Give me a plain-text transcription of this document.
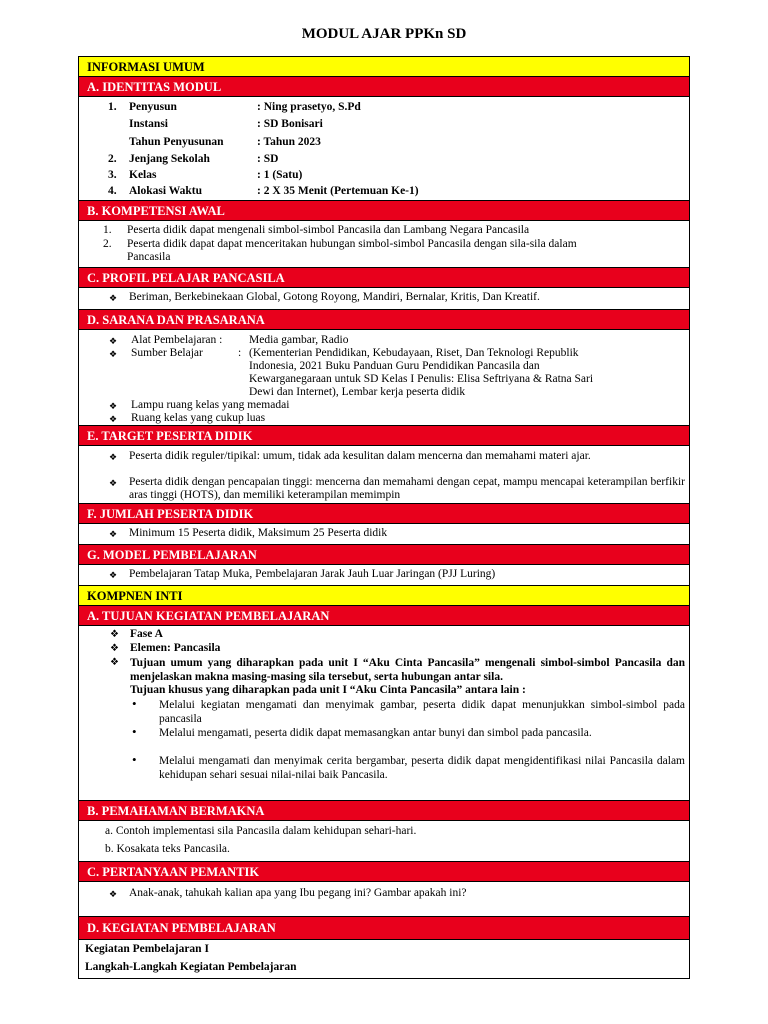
MODUL AJAR PPKn SD
INFORMASI UMUM
A. IDENTITAS MODUL
1. Penyusun	: Ning prasetyo, S.Pd
Instansi	: SD Bonisari
Tahun Penyusunan	: Tahun 2023
2. Jenjang Sekolah	: SD
3. Kelas	: 1 (Satu)
4. Alokasi Waktu	: 2 X 35 Menit (Pertemuan Ke-1)
B. KOMPETENSI AWAL
1. Peserta didik dapat mengenali simbol-simbol Pancasila dan Lambang Negara Pancasila
2. Peserta didik dapat dapat menceritakan hubungan simbol-simbol Pancasila dengan sila-sila dalam
Pancasila
C. PROFIL PELAJAR PANCASILA
❖ Beriman, Berkebinekaan Global, Gotong Royong, Mandiri, Bernalar, Kritis, Dan Kreatif.
D. SARANA DAN PRASARANA
❖ Alat Pembelajaran : Media gambar, Radio
❖ Sumber Belajar	: (Kementerian Pendidikan, Kebudayaan, Riset, Dan Teknologi Republik
Indonesia, 2021 Buku Panduan Guru Pendidikan Pancasila dan
Kewarganegaraan untuk SD Kelas I Penulis: Elisa Seftriyana & Ratna Sari
Dewi dan Internet), Lembar kerja peserta didik
❖ Lampu ruang kelas yang memadai
❖ Ruang kelas yang cukup luas
E. TARGET PESERTA DIDIK
❖ Peserta didik reguler/tipikal: umum, tidak ada kesulitan dalam mencerna dan memahami materi ajar.
❖ Peserta didik dengan pencapaian tinggi: mencerna dan memahami dengan cepat, mampu mencapai keterampilan berfikir aras tinggi (HOTS), dan memiliki keterampilan memimpin
F. JUMLAH PESERTA DIDIK
❖ Minimum 15 Peserta didik, Maksimum 25 Peserta didik
G. MODEL PEMBELAJARAN
❖ Pembelajaran Tatap Muka, Pembelajaran Jarak Jauh Luar Jaringan (PJJ Luring)
KOMPNEN INTI
A. TUJUAN KEGIATAN PEMBELAJARAN
❖ Fase A
❖ Elemen: Pancasila
❖ Tujuan umum yang diharapkan pada unit I “Aku Cinta Pancasila” mengenali simbol-simbol Pancasila dan menjelaskan makna masing-masing sila tersebut, serta hubungan antar sila.
Tujuan khusus yang diharapkan pada unit I “Aku Cinta Pancasila” antara lain :
• Melalui kegiatan mengamati dan menyimak gambar, peserta didik dapat menunjukkan simbol-simbol pada pancasila
• Melalui mengamati, peserta didik dapat memasangkan antar bunyi dan simbol pada pancasila.
• Melalui mengamati dan menyimak cerita bergambar, peserta didik dapat mengidentifikasi nilai Pancasila dalam kehidupan sehari sesuai nilai-nilai baik Pancasila.
B. PEMAHAMAN BERMAKNA
a. Contoh implementasi sila Pancasila dalam kehidupan sehari-hari.
b. Kosakata teks Pancasila.
C. PERTANYAAN PEMANTIK
❖ Anak-anak, tahukah kalian apa yang Ibu pegang ini? Gambar apakah ini?
D. KEGIATAN PEMBELAJARAN
Kegiatan Pembelajaran I
Langkah-Langkah Kegiatan Pembelajaran
